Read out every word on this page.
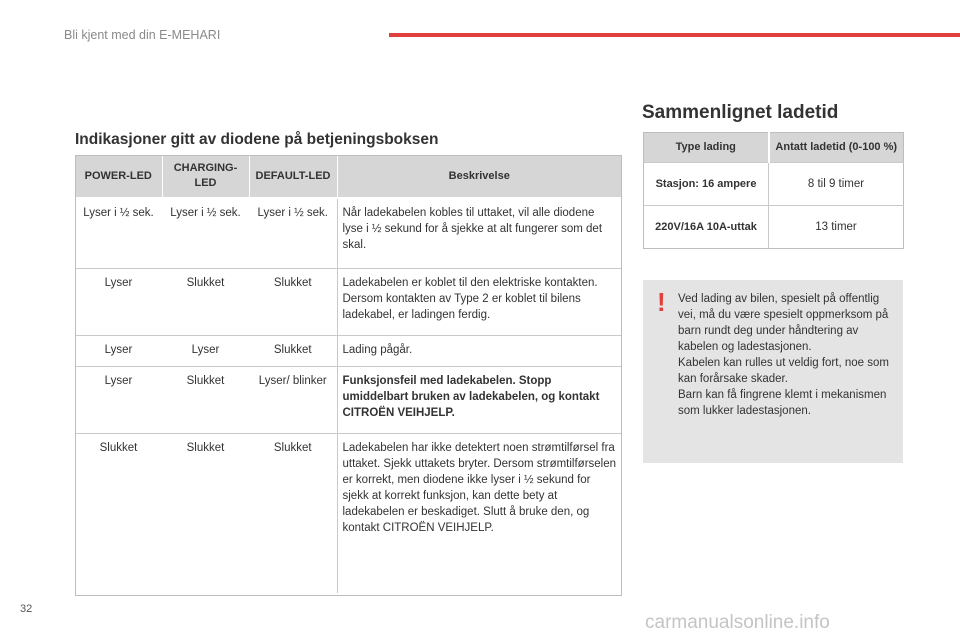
Bli kjent med din E-MEHARI
Indikasjoner gitt av diodene på betjeningsboksen
POWER-LED	CHARGING-LED	DEFAULT-LED	Beskrivelse
Lyser i ½ sek.	Lyser i ½ sek.	Lyser i ½ sek.	Når ladekabelen kobles til uttaket, vil alle diodene lyse i ½ sekund for å sjekke at alt fungerer som det skal.
Lyser	Slukket	Slukket	Ladekabelen er koblet til den elektriske kontakten. Dersom kontakten av Type 2 er koblet til bilens ladekabel, er ladingen ferdig.
Lyser	Lyser	Slukket	Lading pågår.
Lyser	Slukket	Lyser/ blinker	Funksjonsfeil med ladekabelen. Stopp umiddelbart bruken av ladekabelen, og kontakt CITROËN VEIHJELP.
Slukket	Slukket	Slukket	Ladekabelen har ikke detektert noen strømtilførsel fra uttaket. Sjekk uttakets bryter. Dersom strømtilførselen er korrekt, men diodene ikke lyser i ½ sekund for sjekk at korrekt funksjon, kan dette bety at ladekabelen er beskadiget. Slutt å bruke den, og kontakt CITROËN VEIHJELP.
Sammenlignet ladetid
Type lading	Antatt ladetid (0-100 %)
Stasjon: 16 ampere	8 til 9 timer
220V/16A 10A-uttak	13 timer
! Ved lading av bilen, spesielt på offentlig vei, må du være spesielt oppmerksom på barn rundt deg under håndtering av kabelen og ladestasjonen.
Kabelen kan rulles ut veldig fort, noe som kan forårsake skader.
Barn kan få fingrene klemt i mekanismen som lukker ladestasjonen.
32
carmanualsonline.info
